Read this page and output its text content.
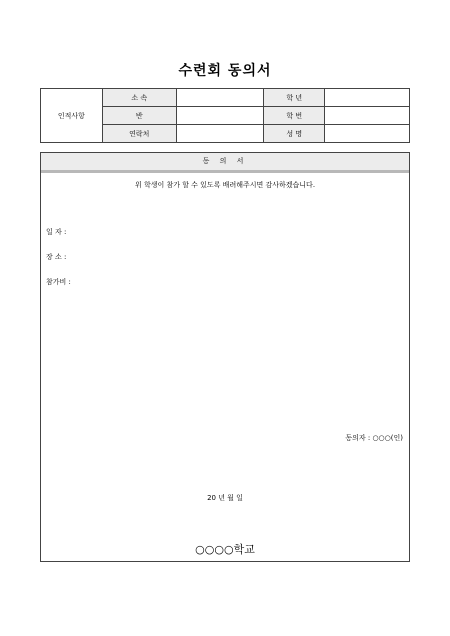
수련회 동의서
인적사항	소 속		학 년	
	반		학 번	
	연락처		성 명	
동 의 서
위 학생이 참가 할 수 있도록 배려해주시면 감사하겠습니다.
일 자 :
장 소 :
참가비 :
동의자 : ○○○(인)
20 년 월 일
○○○○학교
